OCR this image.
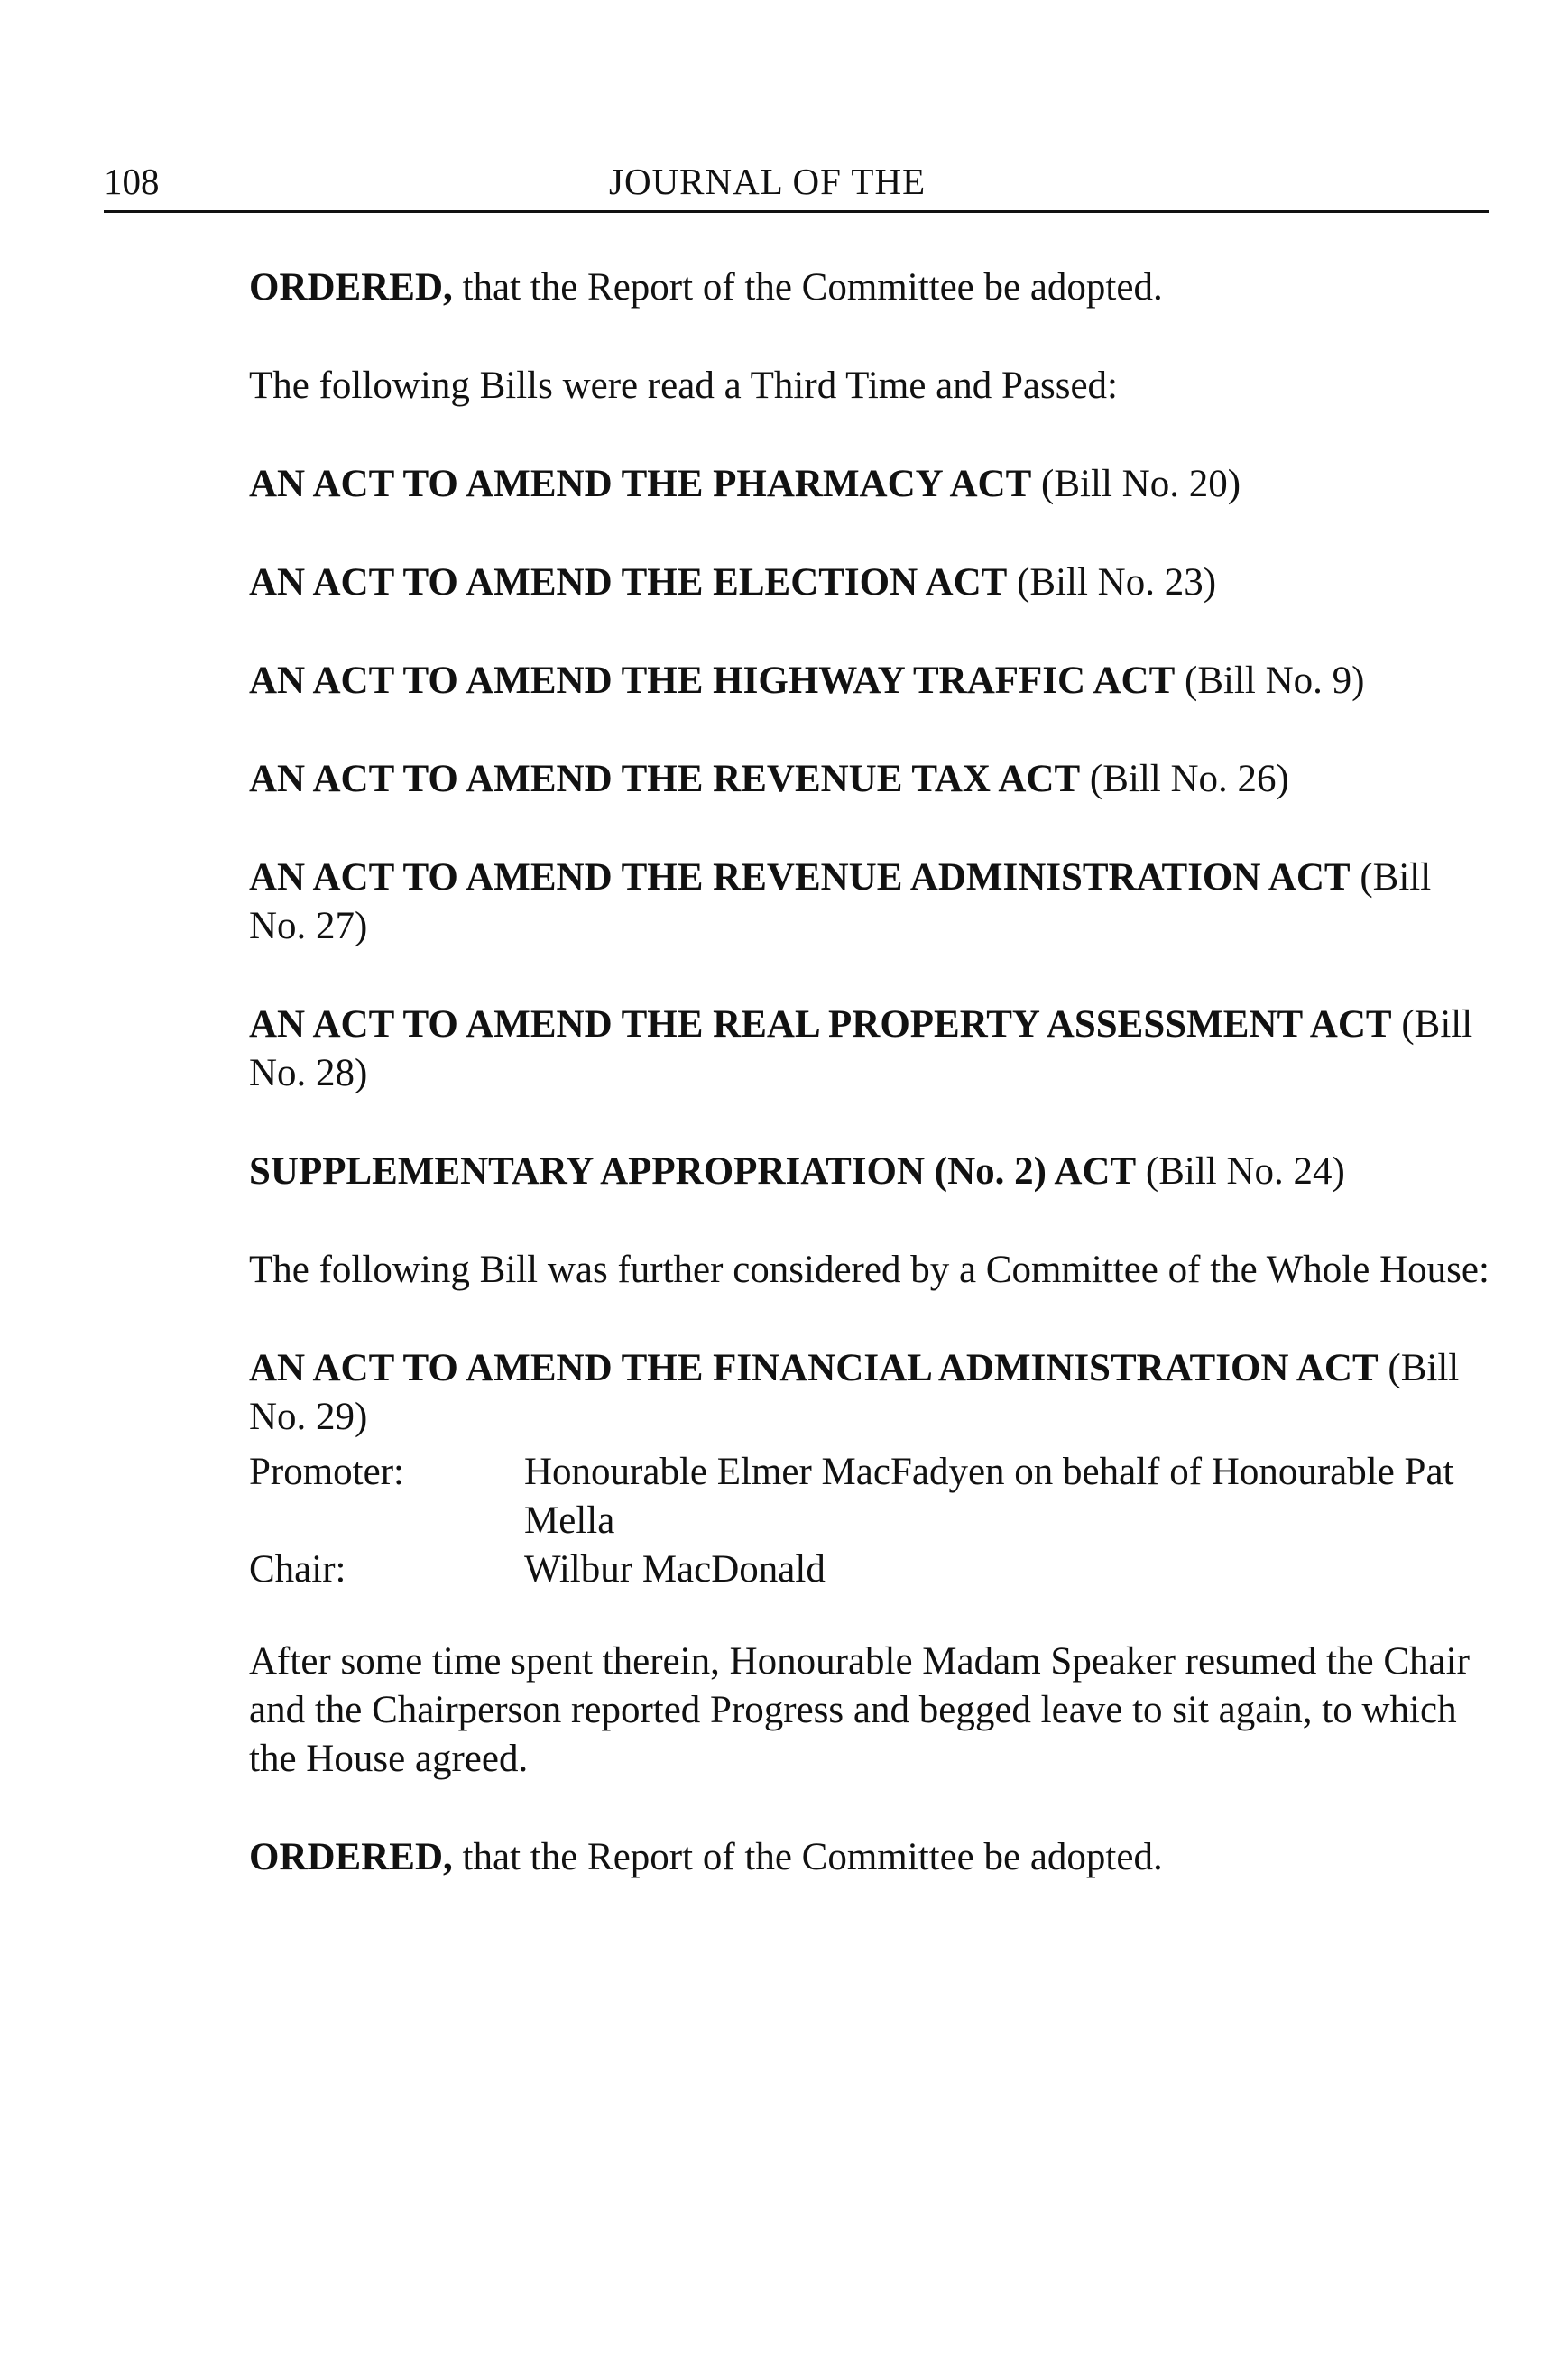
108	JOURNAL OF THE

ORDERED, that the Report of the Committee be adopted.

The following Bills were read a Third Time and Passed:

AN ACT TO AMEND THE PHARMACY ACT (Bill No. 20)

AN ACT TO AMEND THE ELECTION ACT (Bill No. 23)

AN ACT TO AMEND THE HIGHWAY TRAFFIC ACT (Bill No. 9)

AN ACT TO AMEND THE REVENUE TAX ACT (Bill No. 26)

AN ACT TO AMEND THE REVENUE ADMINISTRATION ACT (Bill No. 27)

AN ACT TO AMEND THE REAL PROPERTY ASSESSMENT ACT (Bill No. 28)

SUPPLEMENTARY APPROPRIATION (No. 2) ACT (Bill No. 24)

The following Bill was further considered by a Committee of the Whole House:

AN ACT TO AMEND THE FINANCIAL ADMINISTRATION ACT (Bill No. 29)

Promoter:	Honourable Elmer MacFadyen on behalf of Honourable Pat Mella
Chair:	Wilbur MacDonald

After some time spent therein, Honourable Madam Speaker resumed the Chair and the Chairperson reported Progress and begged leave to sit again, to which the House agreed.

ORDERED, that the Report of the Committee be adopted.
